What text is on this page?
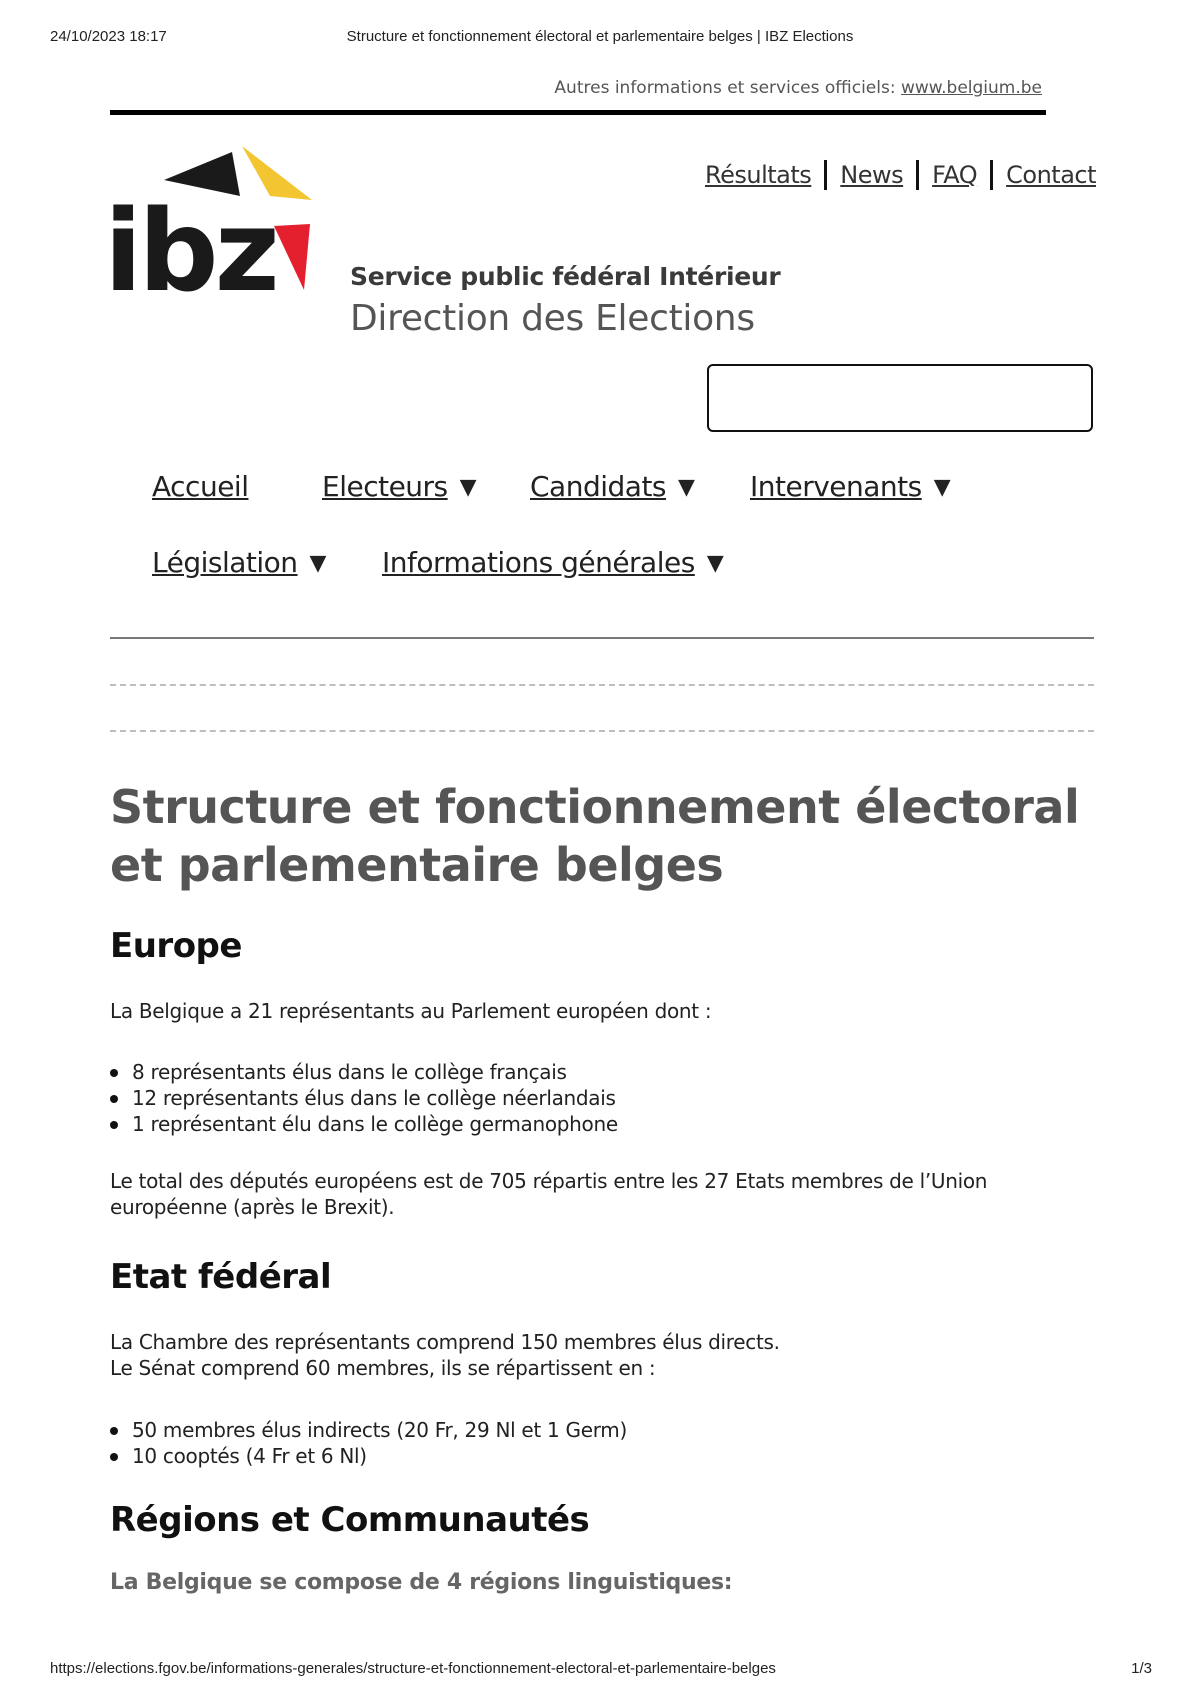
24/10/2023 18:17	Structure et fonctionnement électoral et parlementaire belges | IBZ Elections
Autres informations et services officiels: www.belgium.be
ibz
Résultats News FAQ Contact
Service public fédéral Intérieur
Direction des Elections
Accueil	Electeurs ▼ Candidats ▼ Intervenants ▼
Législation ▼ Informations générales ▼
Structure et fonctionnement électoral et parlementaire belges
Europe

La Belgique a 21 représentants au Parlement européen dont :

8 représentants élus dans le collège français
12 représentants élus dans le collège néerlandais
1 représentant élu dans le collège germanophone

Le total des députés européens est de 705 répartis entre les 27 Etats membres de l’Union européenne (après le Brexit).

Etat fédéral

La Chambre des représentants comprend 150 membres élus directs.

Le Sénat comprend 60 membres, ils se répartissent en :

50 membres élus indirects (20 Fr, 29 Nl et 1 Germ)
10 cooptés (4 Fr et 6 Nl)
Régions et Communautés
La Belgique se compose de 4 régions linguistiques:
https://elections.fgov.be/informations-generales/structure-et-fonctionnement-electoral-et-parlementaire-belges	1/3
